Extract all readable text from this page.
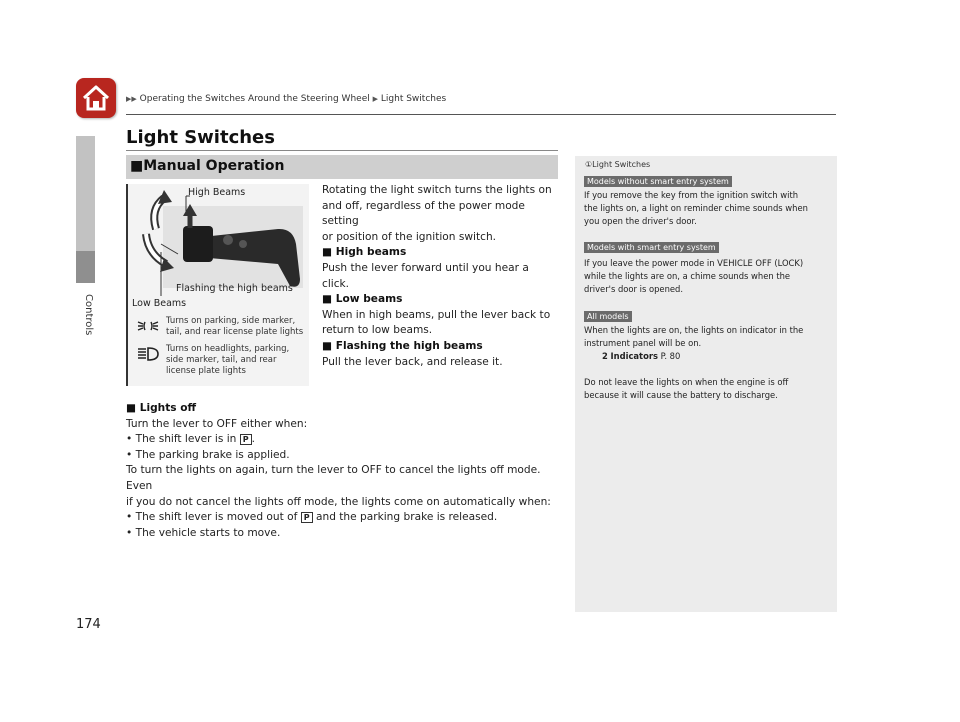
▶▶ Operating the Switches Around the Steering Wheel ▶ Light Switches
Controls
Light Switches
■Manual Operation
High Beams
Flashing the high beams
Low Beams
Turns on parking, side marker, tail, and rear license plate lights
Turns on headlights, parking, side marker, tail, and rear license plate lights
Rotating the light switch turns the lights on
and off, regardless of the power mode setting
or position of the ignition switch.
■ High beams
Push the lever forward until you hear a click.
■ Low beams
When in high beams, pull the lever back to
return to low beams.
■ Flashing the high beams
Pull the lever back, and release it.
■ Lights off
Turn the lever to OFF either when:
• The shift lever is in P .
• The parking brake is applied.
To turn the lights on again, turn the lever to OFF to cancel the lights off mode. Even
if you do not cancel the lights off mode, the lights come on automatically when:
• The shift lever is moved out of P and the parking brake is released.
• The vehicle starts to move.
①Light Switches
Models without smart entry system
If you remove the key from the ignition switch with
the lights on, a light on reminder chime sounds when
you open the driver's door.
Models with smart entry system
If you leave the power mode in VEHICLE OFF (LOCK)
while the lights are on, a chime sounds when the
driver's door is opened.
All models
When the lights are on, the lights on indicator in the
instrument panel will be on.
2 Indicators P. 80
Do not leave the lights on when the engine is off
because it will cause the battery to discharge.
174
